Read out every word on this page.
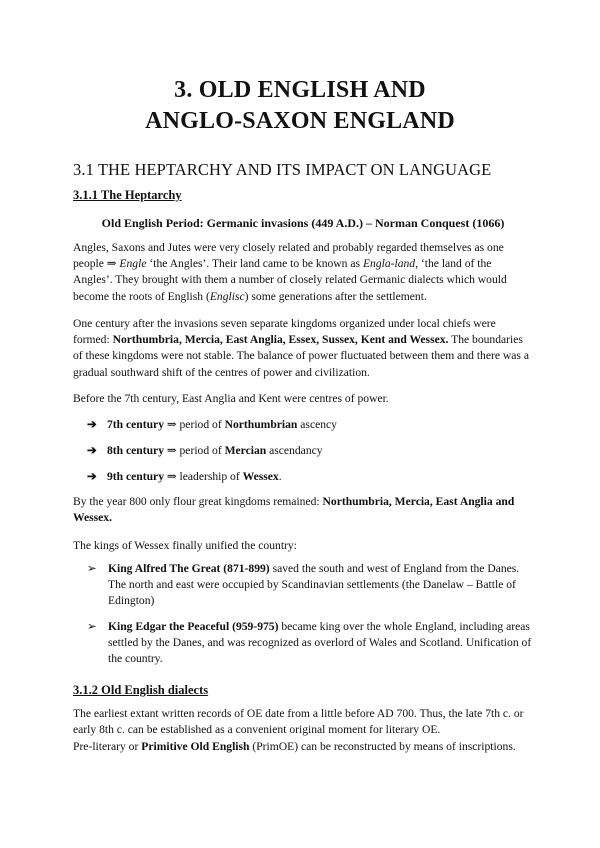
3. OLD ENGLISH AND
ANGLO-SAXON ENGLAND
3.1 THE HEPTARCHY AND ITS IMPACT ON LANGUAGE
3.1.1 The Heptarchy
Old English Period: Germanic invasions (449 A.D.) – Norman Conquest (1066)

Angles, Saxons and Jutes were very closely related and probably regarded themselves as one people ⇒ Engle ‘the Angles’. Their land came to be known as Engla-land, ‘the land of the Angles’. They brought with them a number of closely related Germanic dialects which would become the roots of English (Englisc) some generations after the settlement.

One century after the invasions seven separate kingdoms organized under local chiefs were formed: Northumbria, Mercia, East Anglia, Essex, Sussex, Kent and Wessex. The boundaries of these kingdoms were not stable. The balance of power fluctuated between them and there was a gradual southward shift of the centres of power and civilization.

Before the 7th century, East Anglia and Kent were centres of power.

➔ 7th century ⇒ period of Northumbrian ascency
➔ 8th century ⇒ period of Mercian ascendancy
➔ 9th century ⇒ leadership of Wessex.

By the year 800 only flour great kingdoms remained: Northumbria, Mercia, East Anglia and Wessex.

The kings of Wessex finally unified the country:

➢ King Alfred The Great (871-899) saved the south and west of England from the Danes. The north and east were occupied by Scandinavian settlements (the Danelaw – Battle of Edington)
➢ King Edgar the Peaceful (959-975) became king over the whole England, including areas settled by the Danes, and was recognized as overlord of Wales and Scotland. Unification of the country.
3.1.2 Old English dialects

The earliest extant written records of OE date from a little before AD 700. Thus, the late 7th c. or early 8th c. can be established as a convenient original moment for literary OE.

Pre-literary or Primitive Old English (PrimOE) can be reconstructed by means of inscriptions.
